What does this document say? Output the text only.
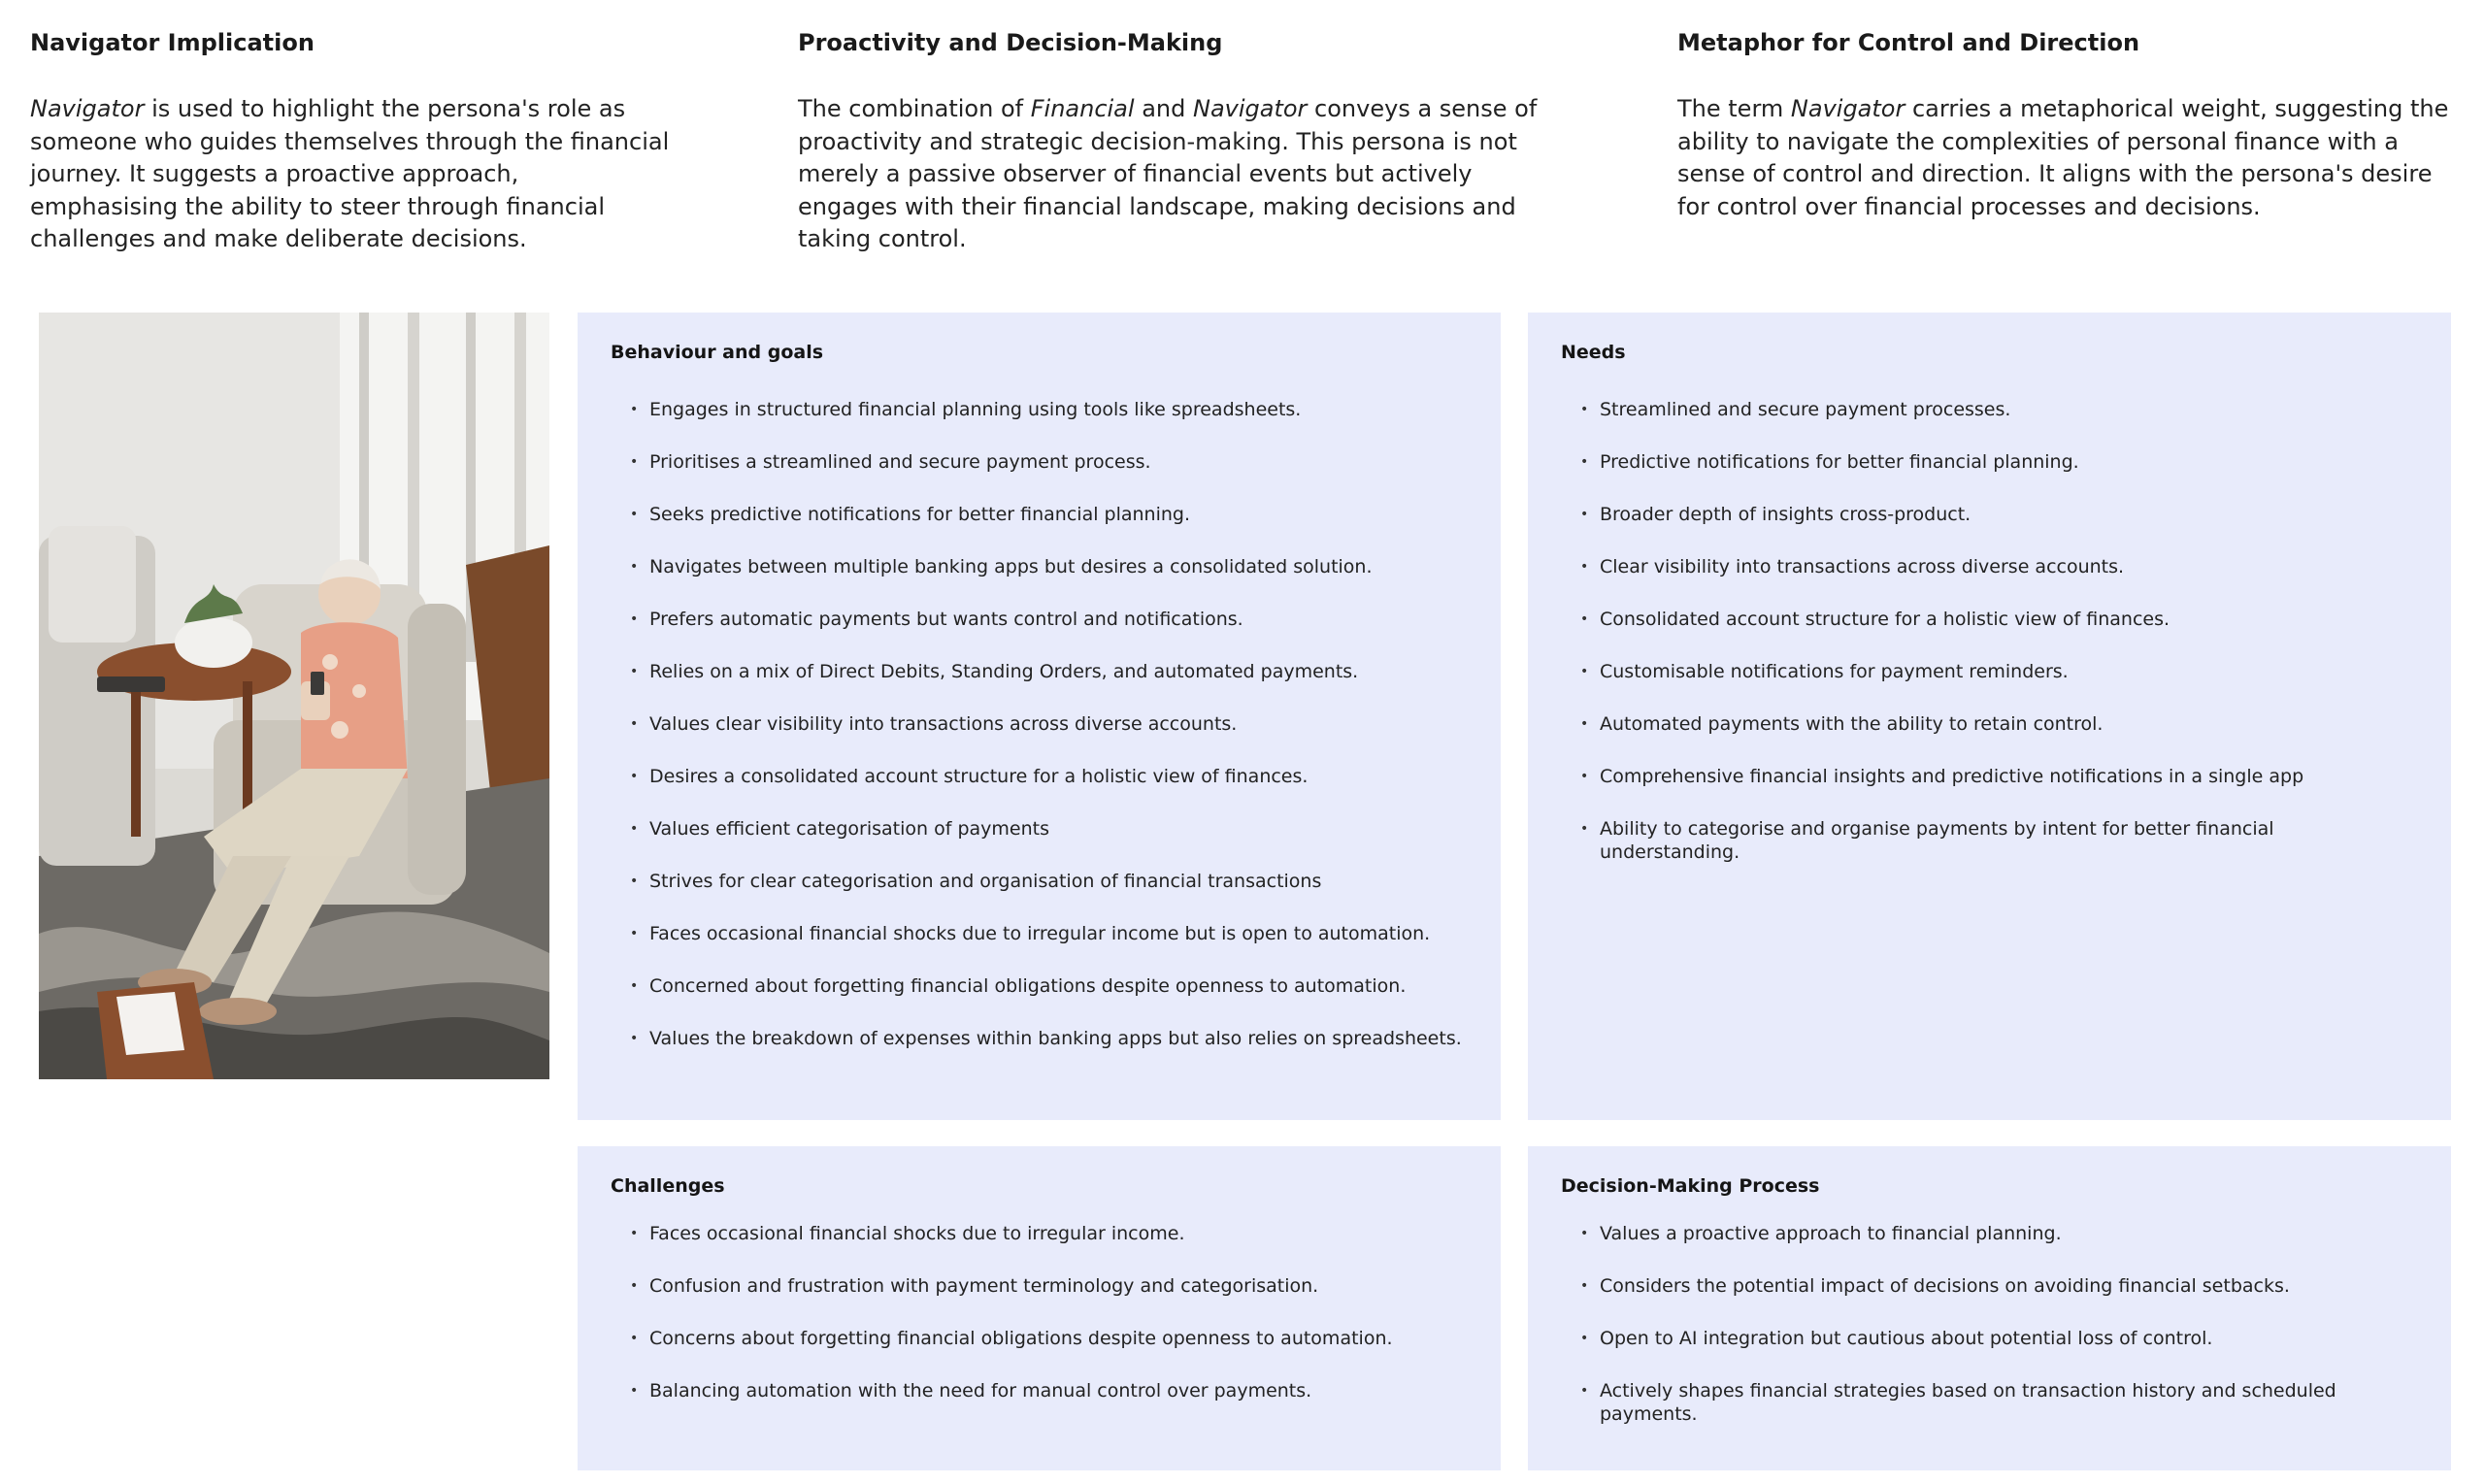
Navigator Implication

Navigator is used to highlight the persona's role as someone who guides themselves through the financial journey. It suggests a proactive approach, emphasising the ability to steer through financial challenges and make deliberate decisions.

Proactivity and Decision-Making

The combination of Financial and Navigator conveys a sense of proactivity and strategic decision-making. This persona is not merely a passive observer of financial events but actively engages with their financial landscape, making decisions and taking control.

Metaphor for Control and Direction

The term Navigator carries a metaphorical weight, suggesting the ability to navigate the complexities of personal finance with a sense of control and direction. It aligns with the persona's desire for control over financial processes and decisions.

Behaviour and goals
• Engages in structured financial planning using tools like spreadsheets.
• Prioritises a streamlined and secure payment process.
• Seeks predictive notifications for better financial planning.
• Navigates between multiple banking apps but desires a consolidated solution.
• Prefers automatic payments but wants control and notifications.
• Relies on a mix of Direct Debits, Standing Orders, and automated payments.
• Values clear visibility into transactions across diverse accounts.
• Desires a consolidated account structure for a holistic view of finances.
• Values efficient categorisation of payments
• Strives for clear categorisation and organisation of financial transactions
• Faces occasional financial shocks due to irregular income but is open to automation.
• Concerned about forgetting financial obligations despite openness to automation.
• Values the breakdown of expenses within banking apps but also relies on spreadsheets.
Needs
• Streamlined and secure payment processes.
• Predictive notifications for better financial planning.
• Broader depth of insights cross-product.
• Clear visibility into transactions across diverse accounts.
• Consolidated account structure for a holistic view of finances.
• Customisable notifications for payment reminders.
• Automated payments with the ability to retain control.
• Comprehensive financial insights and predictive notifications in a single app
• Ability to categorise and organise payments by intent for better financial understanding.
Challenges
• Faces occasional financial shocks due to irregular income.
• Confusion and frustration with payment terminology and categorisation.
• Concerns about forgetting financial obligations despite openness to automation.
• Balancing automation with the need for manual control over payments.
Decision-Making Process
• Values a proactive approach to financial planning.
• Considers the potential impact of decisions on avoiding financial setbacks.
• Open to AI integration but cautious about potential loss of control.
• Actively shapes financial strategies based on transaction history and scheduled payments.
